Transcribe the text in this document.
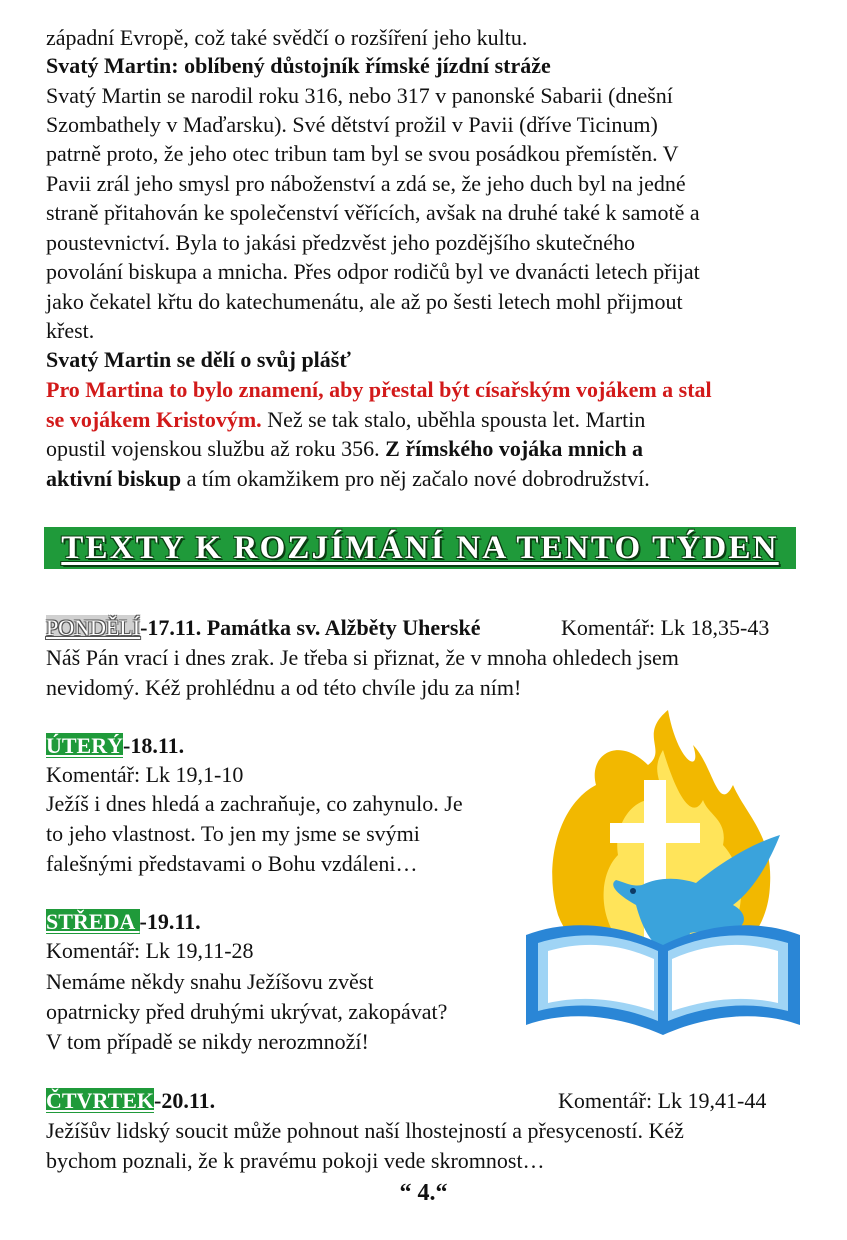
západní Evropě, což také svědčí o rozšíření jeho kultu.
Svatý Martin: oblíbený důstojník římské jízdní stráže
Svatý Martin se narodil roku 316, nebo 317 v panonské Sabarii (dnešní
Szombathely v Maďarsku). Své dětství prožil v Pavii (dříve Ticinum)
patrně proto, že jeho otec tribun tam byl se svou posádkou přemístěn. V
Pavii zrál jeho smysl pro náboženství a zdá se, že jeho duch byl na jedné
straně přitahován ke společenství věřících, avšak na druhé také k samotě a
poustevnictví. Byla to jakási předzvěst jeho pozdějšího skutečného
povolání biskupa a mnicha. Přes odpor rodičů byl ve dvanácti letech přijat
jako čekatel křtu do katechumenátu, ale až po šesti letech mohl přijmout
křest.
Svatý Martin se dělí o svůj plášť
Pro Martina to bylo znamení, aby přestal být císařským vojákem a stal
se vojákem Kristovým. Než se tak stalo, uběhla spousta let. Martin
opustil vojenskou službu až roku 356. Z římského vojáka mnich a
aktivní biskup a tím okamžikem pro něj začalo nové dobrodružství.
TEXTY K ROZJÍMÁNÍ NA TENTO TÝDEN
PONDĚLÍ-17.11. Památka sv. Alžběty Uherské	Komentář: Lk 18,35-43
Náš Pán vrací i dnes zrak. Je třeba si přiznat, že v mnoha ohledech jsem
nevidomý. Kéž prohlédnu a od této chvíle jdu za ním!
ÚTERÝ-18.11.
Komentář: Lk 19,1-10
Ježíš i dnes hledá a zachraňuje, co zahynulo. Je
to jeho vlastnost. To jen my jsme se svými
falešnými představami o Bohu vzdáleni…
STŘEDA -19.11.
Komentář: Lk 19,11-28
Nemáme někdy snahu Ježíšovu zvěst
opatrnicky před druhými ukrývat, zakopávat?
V tom případě se nikdy nerozmnoží!
ČTVRTEK-20.11.	Komentář: Lk 19,41-44
Ježíšův lidský soucit může pohnout naší lhostejností a přesyceností. Kéž
bychom poznali, že k pravému pokoji vede skromnost…
“ 4.“
